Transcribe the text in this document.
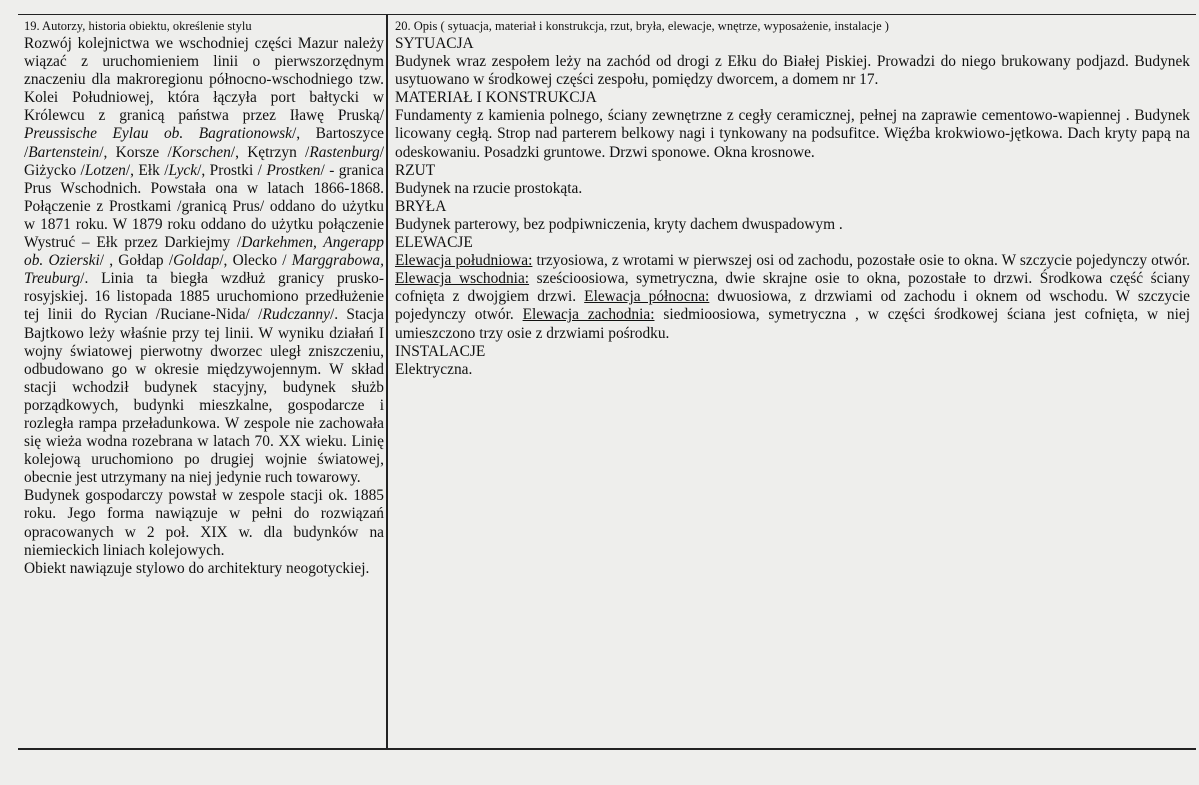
19. Autorzy, historia obiektu, określenie stylu

Rozwój kolejnictwa we wschodniej części Mazur należy wiązać z uruchomieniem linii o pierwszorzędnym znaczeniu dla makroregionu północno-wschodniego tzw. Kolei Południowej, która łączyła port bałtycki w Królewcu z granicą państwa przez Iławę Pruską/ Preussische Eylau ob. Bagrationowsk/, Bartoszyce /Bartenstein/, Korsze /Korschen/, Kętrzyn /Rastenburg/ Giżycko /Lotzen/, Ełk /Lyck/, Prostki / Prostken/ - granica Prus Wschodnich. Powstała ona w latach 1866-1868. Połączenie z Prostkami /granicą Prus/ oddano do użytku w 1871 roku. W 1879 roku oddano do użytku połączenie Wystruć – Ełk przez Darkiejmy /Darkehmen, Angerapp ob. Ozierski/ , Gołdap /Goldap/, Olecko / Marggrabowa, Treuburg/. Linia ta biegła wzdłuż granicy prusko-rosyjskiej. 16 listopada 1885 uruchomiono przedłużenie tej linii do Rycian /Ruciane-Nida/ /Rudczanny/. Stacja Bajtkowo leży właśnie przy tej linii. W wyniku działań I wojny światowej pierwotny dworzec uległ zniszczeniu, odbudowano go w okresie międzywojennym. W skład stacji wchodził budynek stacyjny, budynek służb porządkowych, budynki mieszkalne, gospodarcze i rozległa rampa przeładunkowa. W zespole nie zachowała się wieża wodna rozebrana w latach 70. XX wieku. Linię kolejową uruchomiono po drugiej wojnie światowej, obecnie jest utrzymany na niej jedynie ruch towarowy.

Budynek gospodarczy powstał w zespole stacji ok. 1885 roku. Jego forma nawiązuje w pełni do rozwiązań opracowanych w 2 poł. XIX w. dla budynków na niemieckich liniach kolejowych.

Obiekt nawiązuje stylowo do architektury neogotyckiej.

20. Opis ( sytuacja, materiał i konstrukcja, rzut, bryła, elewacje, wnętrze, wyposażenie, instalacje )

SYTUACJA

Budynek wraz zespołem leży na zachód od drogi z Ełku do Białej Piskiej. Prowadzi do niego brukowany podjazd. Budynek usytuowano w środkowej części zespołu, pomiędzy dworcem, a domem nr 17.

MATERIAŁ I KONSTRUKCJA

Fundamenty z kamienia polnego, ściany zewnętrzne z cegły ceramicznej, pełnej na zaprawie cementowo-wapiennej . Budynek licowany cegłą. Strop nad parterem belkowy nagi i tynkowany na podsufitce. Więźba krokwiowo-jętkowa. Dach kryty papą na odeskowaniu. Posadzki gruntowe. Drzwi sponowe. Okna krosnowe.

RZUT

Budynek na rzucie prostokąta.

BRYŁA

Budynek parterowy, bez podpiwniczenia, kryty dachem dwuspadowym .

ELEWACJE

Elewacja południowa: trzyosiowa, z wrotami w pierwszej osi od zachodu, pozostałe osie to okna. W szczycie pojedynczy otwór. Elewacja wschodnia: sześcioosiowa, symetryczna, dwie skrajne osie to okna, pozostałe to drzwi. Środkowa część ściany cofnięta z dwojgiem drzwi. Elewacja północna: dwuosiowa, z drzwiami od zachodu i oknem od wschodu. W szczycie pojedynczy otwór. Elewacja zachodnia: siedmioosiowa, symetryczna , w części środkowej ściana jest cofnięta, w niej umieszczono trzy osie z drzwiami pośrodku.

INSTALACJE

Elektryczna.
